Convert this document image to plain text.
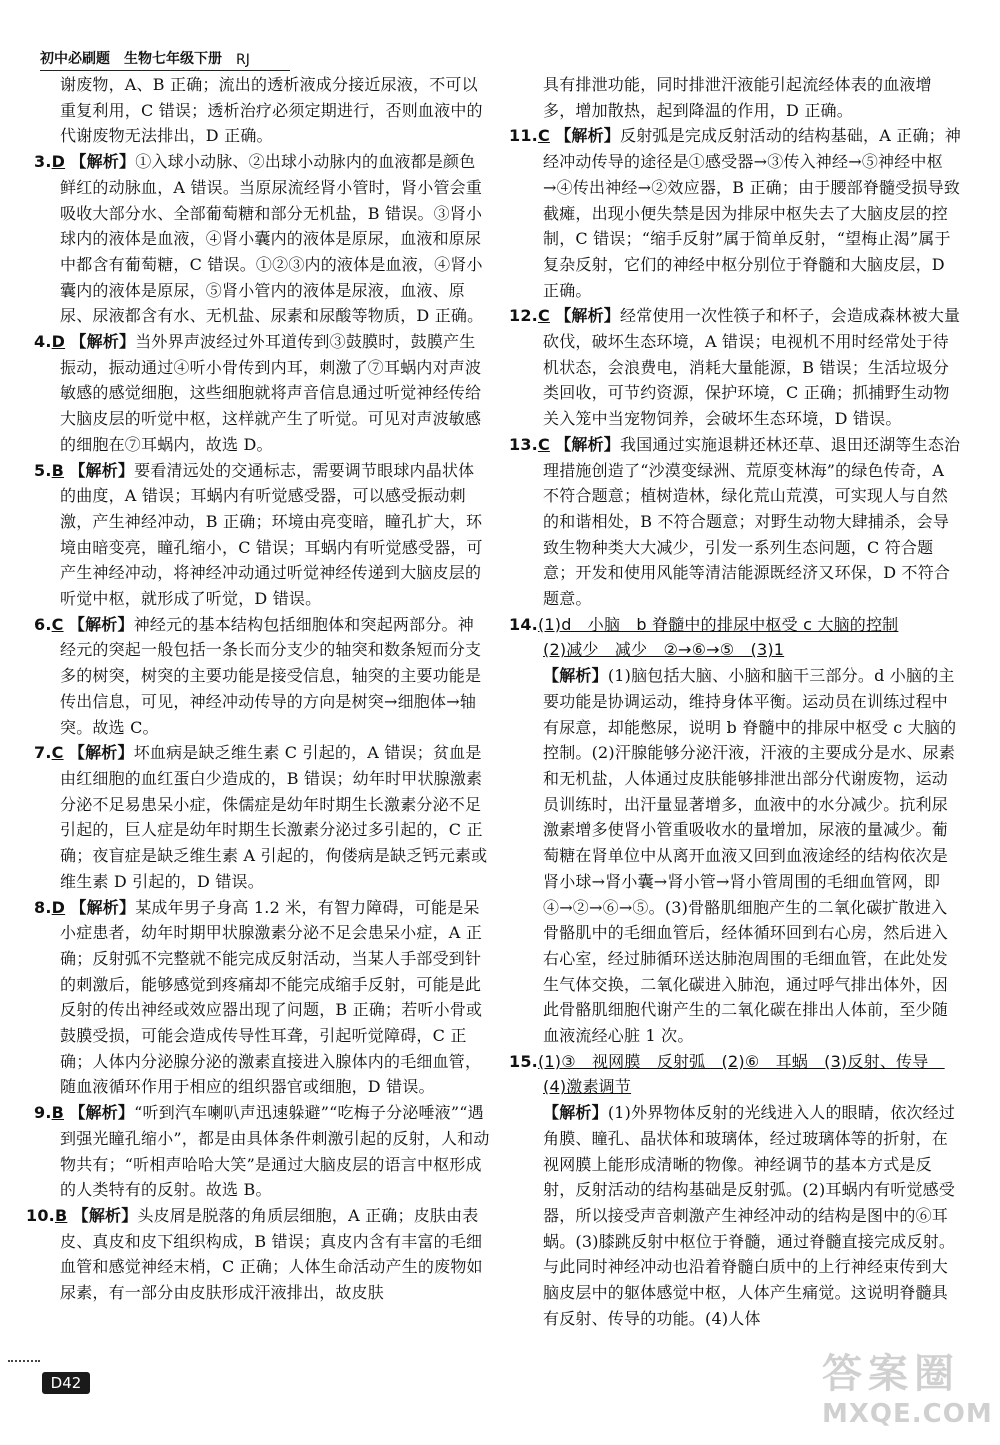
初中必刷题 生物七年级下册 RJ

谢废物，A、B 正确；流出的透析液成分接近尿液，不可以重复利用，C 错误；透析治疗必须定期进行，否则血液中的代谢废物无法排出，D 正确。

3.D 【解析】①入球小动脉、②出球小动脉内的血液都是颜色鲜红的动脉血，A 错误。当原尿流经肾小管时，肾小管会重吸收大部分水、全部葡萄糖和部分无机盐，B 错误。③肾小球内的液体是血液，④肾小囊内的液体是原尿，血液和原尿中都含有葡萄糖，C 错误。①②③内的液体是血液，④肾小囊内的液体是原尿，⑤肾小管内的液体是尿液，血液、原尿、尿液都含有水、无机盐、尿素和尿酸等物质，D 正确。

4.D 【解析】当外界声波经过外耳道传到③鼓膜时，鼓膜产生振动，振动通过④听小骨传到内耳，刺激了⑦耳蜗内对声波敏感的感觉细胞，这些细胞就将声音信息通过听觉神经传给大脑皮层的听觉中枢，这样就产生了听觉。可见对声波敏感的细胞在⑦耳蜗内，故选 D。

5.B 【解析】要看清远处的交通标志，需要调节眼球内晶状体的曲度，A 错误；耳蜗内有听觉感受器，可以感受振动刺激，产生神经冲动，B 正确；环境由亮变暗，瞳孔扩大，环境由暗变亮，瞳孔缩小，C 错误；耳蜗内有听觉感受器，可产生神经冲动，将神经冲动通过听觉神经传递到大脑皮层的听觉中枢，就形成了听觉，D 错误。

6.C 【解析】神经元的基本结构包括细胞体和突起两部分。神经元的突起一般包括一条长而分支少的轴突和数条短而分支多的树突，树突的主要功能是接受信息，轴突的主要功能是传出信息，可见，神经冲动传导的方向是树突→细胞体→轴突。故选 C。

7.C 【解析】坏血病是缺乏维生素 C 引起的，A 错误；贫血是由红细胞的血红蛋白少造成的，B 错误；幼年时甲状腺激素分泌不足易患呆小症，侏儒症是幼年时期生长激素分泌不足引起的，巨人症是幼年时期生长激素分泌过多引起的，C 正确；夜盲症是缺乏维生素 A 引起的，佝偻病是缺乏钙元素或维生素 D 引起的，D 错误。

8.D 【解析】某成年男子身高 1.2 米，有智力障碍，可能是呆小症患者，幼年时期甲状腺激素分泌不足会患呆小症，A 正确；反射弧不完整就不能完成反射活动，当某人手部受到针的刺激后，能够感觉到疼痛却不能完成缩手反射，可能是此反射的传出神经或效应器出现了问题，B 正确；若听小骨或鼓膜受损，可能会造成传导性耳聋，引起听觉障碍，C 正确；人体内分泌腺分泌的激素直接进入腺体内的毛细血管，随血液循环作用于相应的组织器官或细胞，D 错误。

9.B 【解析】“听到汽车喇叭声迅速躲避”“吃梅子分泌唾液”“遇到强光瞳孔缩小”，都是由具体条件刺激引起的反射，人和动物共有；“听相声哈哈大笑”是通过大脑皮层的语言中枢形成的人类特有的反射。故选 B。

10.B 【解析】头皮屑是脱落的角质层细胞，A 正确；皮肤由表皮、真皮和皮下组织构成，B 错误；真皮内含有丰富的毛细血管和感觉神经末梢，C 正确；人体生命活动产生的废物如尿素，有一部分由皮肤形成汗液排出，故皮肤

具有排泄功能，同时排泄汗液能引起流经体表的血液增多，增加散热，起到降温的作用，D 正确。

11.C 【解析】反射弧是完成反射活动的结构基础，A 正确；神经冲动传导的途径是①感受器→③传入神经→⑤神经中枢→④传出神经→②效应器，B 正确；由于腰部脊髓受损导致截瘫，出现小便失禁是因为排尿中枢失去了大脑皮层的控制，C 错误；“缩手反射”属于简单反射，“望梅止渴”属于复杂反射，它们的神经中枢分别位于脊髓和大脑皮层，D 正确。

12.C 【解析】经常使用一次性筷子和杯子，会造成森林被大量砍伐，破坏生态环境，A 错误；电视机不用时经常处于待机状态，会浪费电，消耗大量能源，B 错误；生活垃圾分类回收，可节约资源，保护环境，C 正确；抓捕野生动物关入笼中当宠物饲养，会破坏生态环境，D 错误。

13.C 【解析】我国通过实施退耕还林还草、退田还湖等生态治理措施创造了“沙漠变绿洲、荒原变林海”的绿色传奇，A 不符合题意；植树造林，绿化荒山荒漠，可实现人与自然的和谐相处，B 不符合题意；对野生动物大肆捕杀，会导致生物种类大大减少，引发一系列生态问题，C 符合题意；开发和使用风能等清洁能源既经济又环保，D 不符合题意。

14.(1)d　小脑　b 脊髓中的排尿中枢受 c 大脑的控制
(2)减少　减少　②→⑥→⑤　(3)1
【解析】(1)脑包括大脑、小脑和脑干三部分。d 小脑的主要功能是协调运动，维持身体平衡。运动员在训练过程中有尿意，却能憋尿，说明 b 脊髓中的排尿中枢受 c 大脑的控制。(2)汗腺能够分泌汗液，汗液的主要成分是水、尿素和无机盐，人体通过皮肤能够排泄出部分代谢废物，运动员训练时，出汗量显著增多，血液中的水分减少。抗利尿激素增多使肾小管重吸收水的量增加，尿液的量减少。葡萄糖在肾单位中从离开血液又回到血液途经的结构依次是肾小球→肾小囊→肾小管→肾小管周围的毛细血管网，即④→②→⑥→⑤。(3)骨骼肌细胞产生的二氧化碳扩散进入骨骼肌中的毛细血管后，经体循环回到右心房，然后进入右心室，经过肺循环送达肺泡周围的毛细血管，在此处发生气体交换，二氧化碳进入肺泡，通过呼气排出体外，因此骨骼肌细胞代谢产生的二氧化碳在排出人体前，至少随血液流经心脏 1 次。

15.(1)③　视网膜　反射弧　(2)⑥　耳蜗　(3)反射、传导　(4)激素调节
【解析】(1)外界物体反射的光线进入人的眼睛，依次经过角膜、瞳孔、晶状体和玻璃体，经过玻璃体等的折射，在视网膜上能形成清晰的物像。神经调节的基本方式是反射，反射活动的结构基础是反射弧。(2)耳蜗内有听觉感受器，所以接受声音刺激产生神经冲动的结构是图中的⑥耳蜗。(3)膝跳反射中枢位于脊髓，通过脊髓直接完成反射。与此同时神经冲动也沿着脊髓白质中的上行神经束传到大脑皮层中的躯体感觉中枢，人体产生痛觉。这说明脊髓具有反射、传导的功能。(4)人体

D42	答案圈
MXQE.COM
